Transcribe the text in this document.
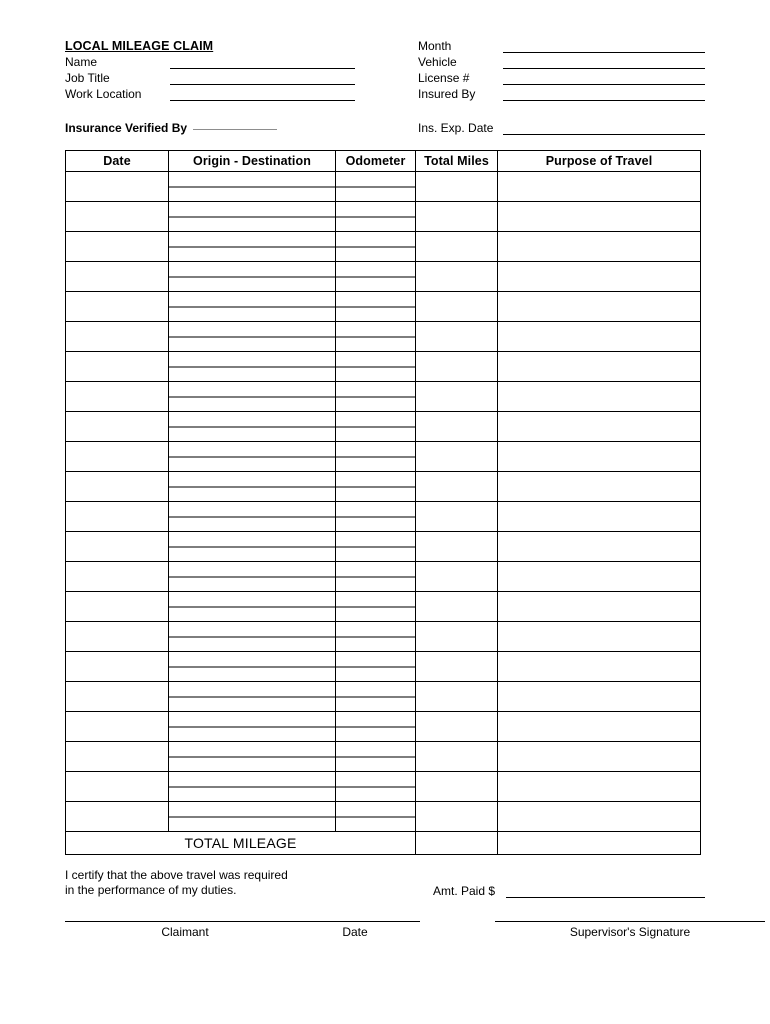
LOCAL MILEAGE CLAIM
Name
Job Title
Work Location
Month
Vehicle
License #
Insured By
Insurance Verified By	Ins. Exp. Date
Date	Origin - Destination	Odometer	Total Miles	Purpose of Travel

TOTAL MILEAGE				
I certify that the above travel was required
in the performance of my duties.	Amt. Paid $
Claimant	Date	Supervisor's Signature
